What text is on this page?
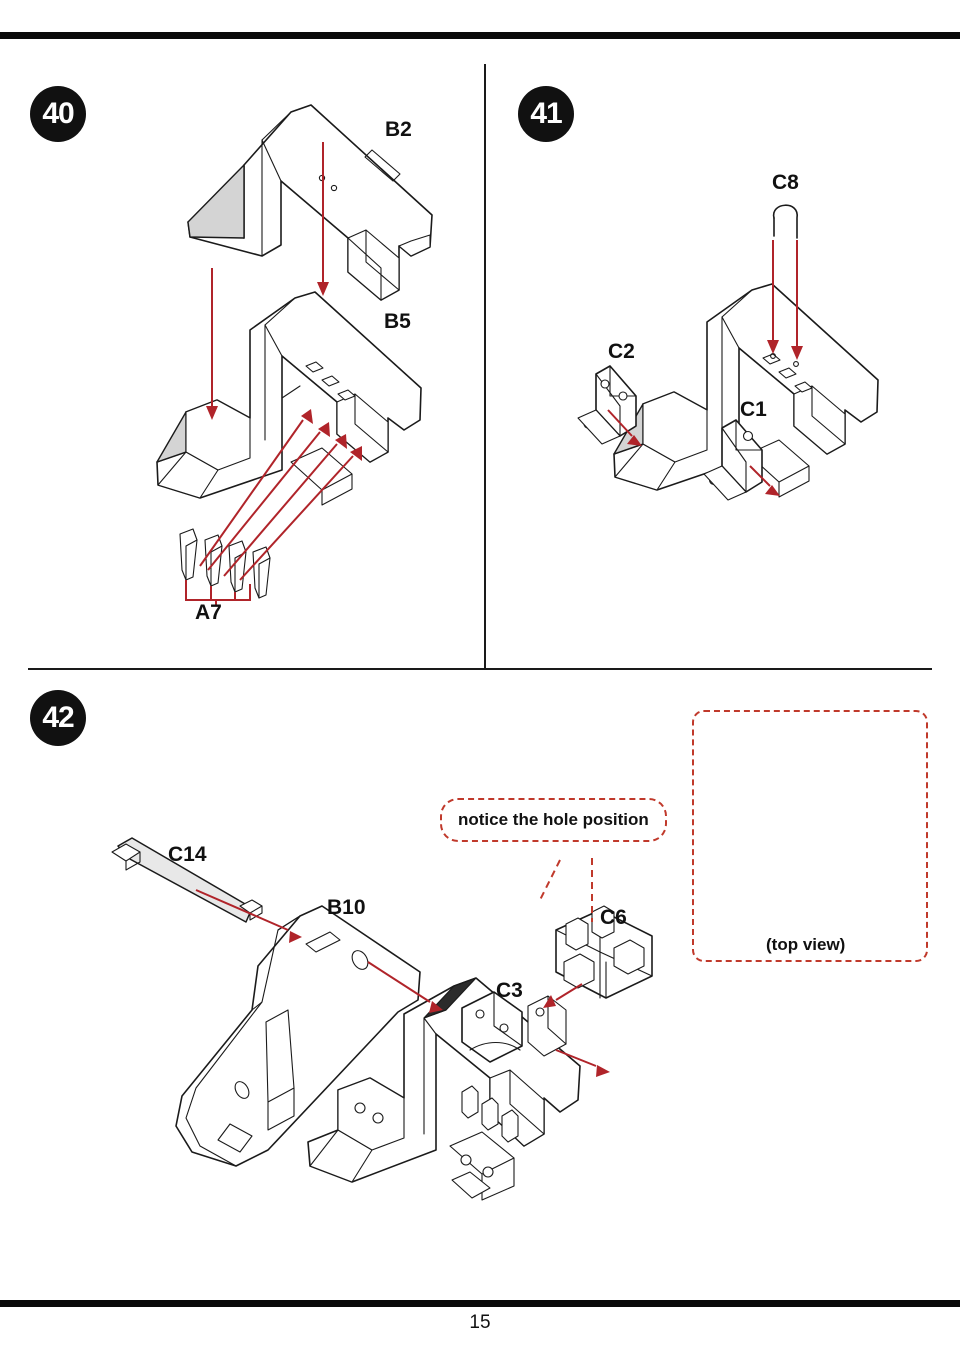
15
40	B2
B5
A7
41
C8
C2
C1
42
C14
B10	C6
C3
notice the hole position
(top view)
